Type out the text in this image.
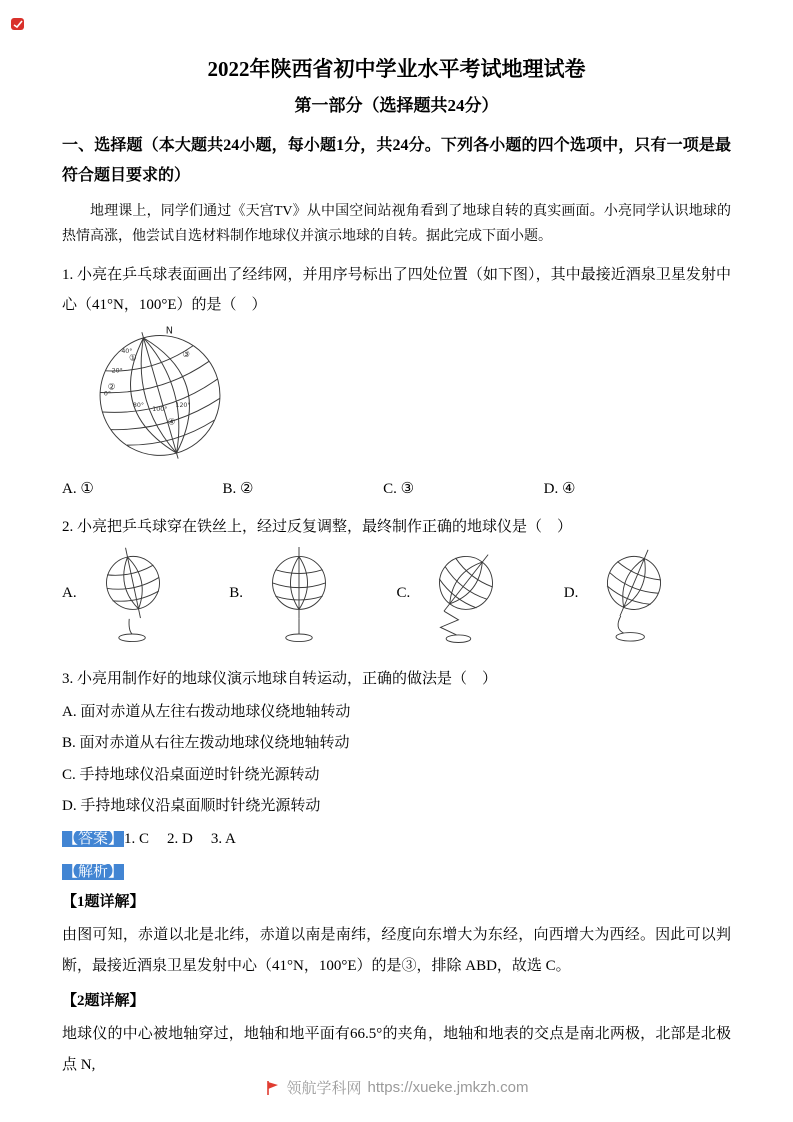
2022年陕西省初中学业水平考试地理试卷
第一部分（选择题共24分）

一、选择题（本大题共24小题，每小题1分，共24分。下列各小题的四个选项中，只有一项是最符合题目要求的）

地理课上，同学们通过《天宫TV》从中国空间站视角看到了地球自转的真实画面。小亮同学认识地球的热情高涨，他尝试自选材料制作地球仪并演示地球的自转。据此完成下面小题。

1. 小亮在乒乓球表面画出了经纬网，并用序号标出了四处位置（如下图），其中最接近酒泉卫星发射中心（41°N，100°E）的是（　）

N
①
②
③
④
40°
20°
0°
80°
100°
120°
A. ①	B. ②	C. ③	D. ④

2. 小亮把乒乓球穿在铁丝上，经过反复调整，最终制作正确的地球仪是（　）

A.	B.	C.	D.

3. 小亮用制作好的地球仪演示地球自转运动，正确的做法是（　）

A. 面对赤道从左往右拨动地球仪绕地轴转动

B. 面对赤道从右往左拨动地球仪绕地轴转动

C. 手持地球仪沿桌面逆时针绕光源转动

D. 手持地球仪沿桌面顺时针绕光源转动

【答案】1. C 2. D 3. A

【解析】

【1题详解】

由图可知，赤道以北是北纬，赤道以南是南纬，经度向东增大为东经，向西增大为西经。因此可以判断，最接近酒泉卫星发射中心（41°N，100°E）的是③，排除 ABD，故选 C。

【2题详解】

地球仪的中心被地轴穿过，地轴和地平面有66.5°的夹角，地轴和地表的交点是南北两极，北部是北极点 N,

领航学科网 https://xueke.jmkzh.com
